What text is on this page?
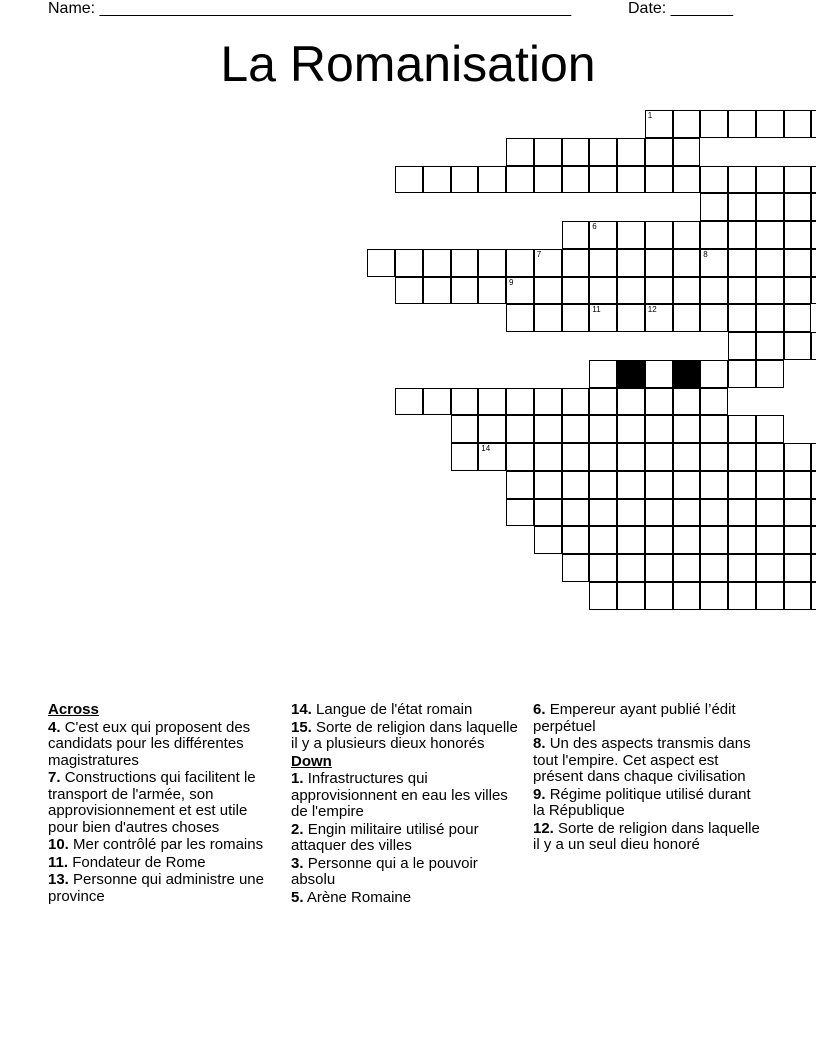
Name: _____________________________________________________	Date: _______
La Romanisation
1
6
7	8
9
11	12
14
Across
4. C'est eux qui proposent des candidats pour les différentes magistratures
7. Constructions qui facilitent le transport de l'armée, son approvisionnement et est utile pour bien d'autres choses
10. Mer contrôlé par les romains
11. Fondateur de Rome
13. Personne qui administre une province
14. Langue de l'état romain
15. Sorte de religion dans laquelle il y a plusieurs dieux honorés
Down
1. Infrastructures qui approvisionnent en eau les villes de l'empire
2. Engin militaire utilisé pour attaquer des villes
3. Personne qui a le pouvoir absolu
5. Arène Romaine
6. Empereur ayant publié l’édit perpétuel
8. Un des aspects transmis dans tout l'empire. Cet aspect est présent dans chaque civilisation
9. Régime politique utilisé durant la République
12. Sorte de religion dans laquelle il y a un seul dieu honoré
